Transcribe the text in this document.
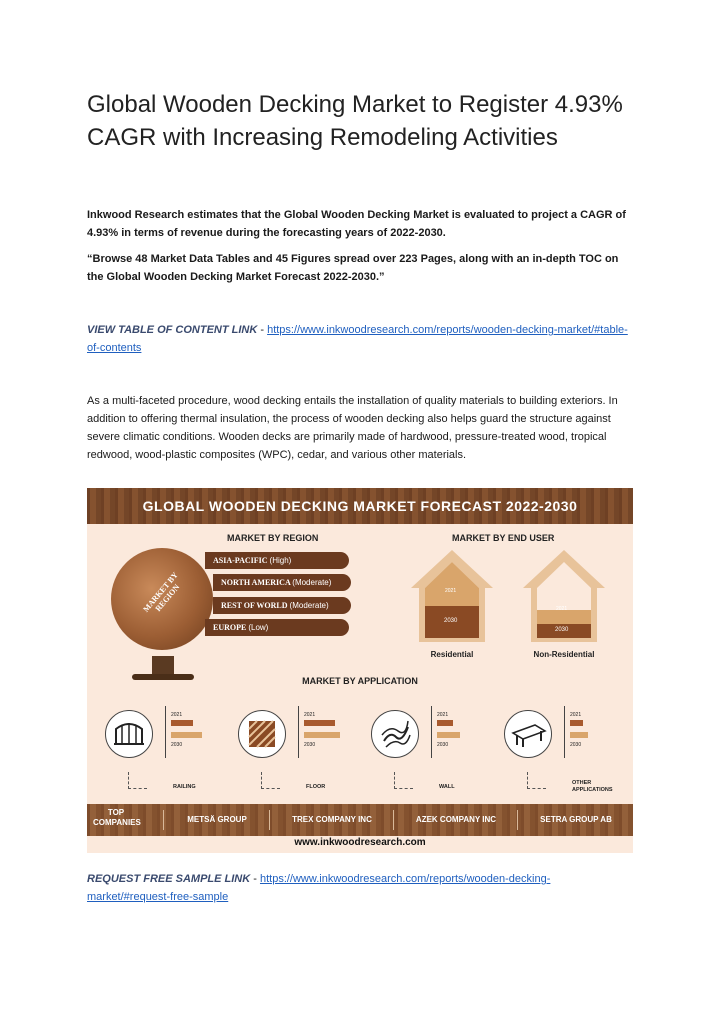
Global Wooden Decking Market to Register 4.93% CAGR with Increasing Remodeling Activities

Inkwood Research estimates that the Global Wooden Decking Market is evaluated to project a CAGR of 4.93% in terms of revenue during the forecasting years of 2022-2030.

“Browse 48 Market Data Tables and 45 Figures spread over 223 Pages, along with an in-depth TOC on the Global Wooden Decking Market Forecast 2022-2030.”

VIEW TABLE OF CONTENT LINK - https://www.inkwoodresearch.com/reports/wooden-decking-market/#table-of-contents

As a multi-faceted procedure, wood decking entails the installation of quality materials to building exteriors. In addition to offering thermal insulation, the process of wooden decking also helps guard the structure against severe climatic conditions. Wooden decks are primarily made of hardwood, pressure-treated wood, tropical redwood, wood-plastic composites (WPC), cedar, and various other materials.

GLOBAL WOODEN DECKING MARKET FORECAST 2022-2030
MARKET BY REGION
MARKET BY REGION
ASIA-PACIFIC (High)
NORTH AMERICA (Moderate)
REST OF WORLD (Moderate)
EUROPE (Low)
MARKET BY END USER
2021
2030
Residential
2021
2030
Non-Residential
MARKET BY APPLICATION
2021
2030
RAILING
2021
2030
FLOOR
2021
2030
WALL
2021
2030
OTHER APPLICATIONS
TOP COMPANIES	METSÄ GROUP	TREX COMPANY INC	AZEK COMPANY INC	SETRA GROUP AB
www.inkwoodresearch.com

REQUEST FREE SAMPLE LINK - https://www.inkwoodresearch.com/reports/wooden-decking-market/#request-free-sample
